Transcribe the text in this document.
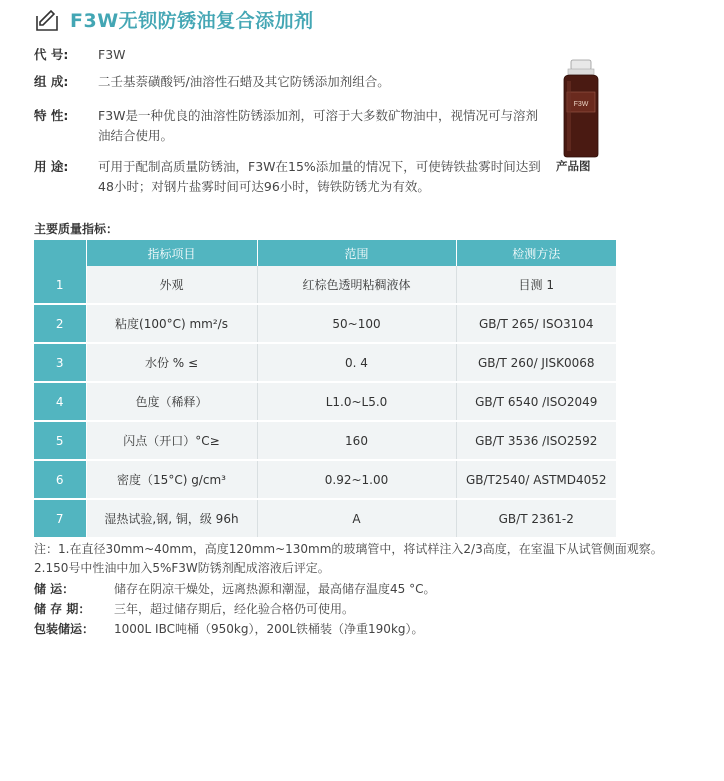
F3W无钡防锈油复合添加剂
代 号:	F3W
组 成:	二壬基萘磺酸钙/油溶性石蜡及其它防锈添加剂组合。
特 性:	F3W是一种优良的油溶性防锈添加剂，可溶于大多数矿物油中，视情况可与溶剂油结合使用。
用 途:	可用于配制高质量防锈油，F3W在15%添加量的情况下，可使铸铁盐雾时间达到48小时；对钢片盐雾时间可达96小时，铸铁防锈尤为有效。
F3W
产品图
主要质量指标：
	指标项目	范围	检测方法
1	外观	红棕色透明粘稠液体	目测 1
2	粘度(100°C) mm²/s	50~100	GB/T 265/ ISO3104
3	水份 % ≤	0. 4	GB/T 260/ JISK0068
4	色度（稀释）	L1.0~L5.0	GB/T 6540 /ISO2049
5	闪点（开口）°C≥	160	GB/T 3536 /ISO2592
6	密度（15°C) g/cm³	0.92~1.00	GB/T2540/ ASTMD4052
7	湿热试验,钢, 铜，级 96h	A	GB/T 2361-2
注：1.在直径30mm~40mm，高度120mm~130mm的玻璃管中，将试样注入2/3高度，在室温下从试管侧面观察。
2.150号中性油中加入5%F3W防锈剂配成溶液后评定。
储 运：	储存在阴凉干燥处，远离热源和潮湿，最高储存温度45 °C。
储 存 期： 三年，超过储存期后，经化验合格仍可使用。
包装储运： 1000L IBC吨桶（950kg），200L铁桶装（净重190kg）。
